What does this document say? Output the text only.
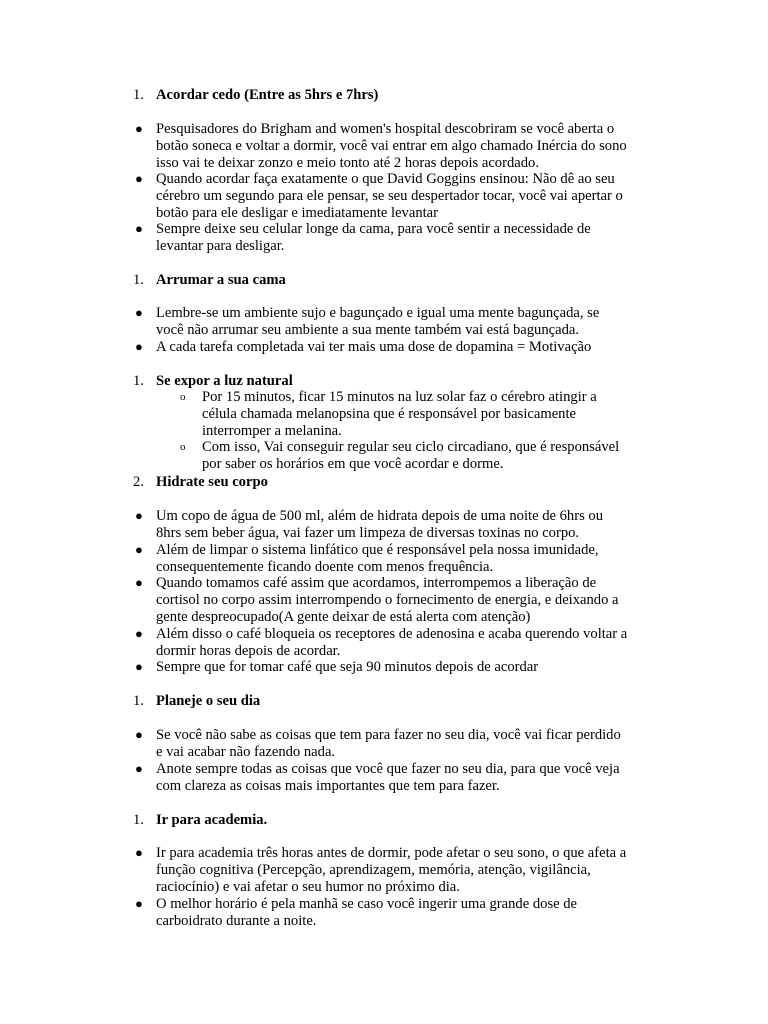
1. Acordar cedo (Entre as 5hrs e 7hrs)
● Pesquisadores do Brigham and women's hospital descobriram se você aberta o
botão soneca e voltar a dormir, você vai entrar em algo chamado Inércia do sono
isso vai te deixar zonzo e meio tonto até 2 horas depois acordado.
● Quando acordar faça exatamente o que David Goggins ensinou: Não dê ao seu
cérebro um segundo para ele pensar, se seu despertador tocar, você vai apertar o
botão para ele desligar e imediatamente levantar
● Sempre deixe seu celular longe da cama, para você sentir a necessidade de
levantar para desligar.
1. Arrumar a sua cama
● Lembre-se um ambiente sujo e bagunçado e igual uma mente bagunçada, se
você não arrumar seu ambiente a sua mente também vai está bagunçada.
● A cada tarefa completada vai ter mais uma dose de dopamina = Motivação
1. Se expor a luz natural
o Por 15 minutos, ficar 15 minutos na luz solar faz o cérebro atingir a
célula chamada melanopsina que é responsável por basicamente
interromper a melanina.
o Com isso, Vai conseguir regular seu ciclo circadiano, que é responsável
por saber os horários em que você acordar e dorme.
2. Hidrate seu corpo
● Um copo de água de 500 ml, além de hidrata depois de uma noite de 6hrs ou
8hrs sem beber água, vai fazer um limpeza de diversas toxinas no corpo.
● Além de limpar o sistema linfático que é responsável pela nossa imunidade,
consequentemente ficando doente com menos frequência.
● Quando tomamos café assim que acordamos, interrompemos a liberação de
cortisol no corpo assim interrompendo o fornecimento de energia, e deixando a
gente despreocupado(A gente deixar de está alerta com atenção)
● Além disso o café bloqueia os receptores de adenosina e acaba querendo voltar a
dormir horas depois de acordar.
● Sempre que for tomar café que seja 90 minutos depois de acordar
1. Planeje o seu dia
● Se você não sabe as coisas que tem para fazer no seu dia, você vai ficar perdido
e vai acabar não fazendo nada.
● Anote sempre todas as coisas que você que fazer no seu dia, para que você veja
com clareza as coisas mais importantes que tem para fazer.
1. Ir para academia.
● Ir para academia três horas antes de dormir, pode afetar o seu sono, o que afeta a
função cognitiva (Percepção, aprendizagem, memória, atenção, vigilância,
raciocínio) e vai afetar o seu humor no próximo dia.
● O melhor horário é pela manhã se caso você ingerir uma grande dose de
carboidrato durante a noite.
